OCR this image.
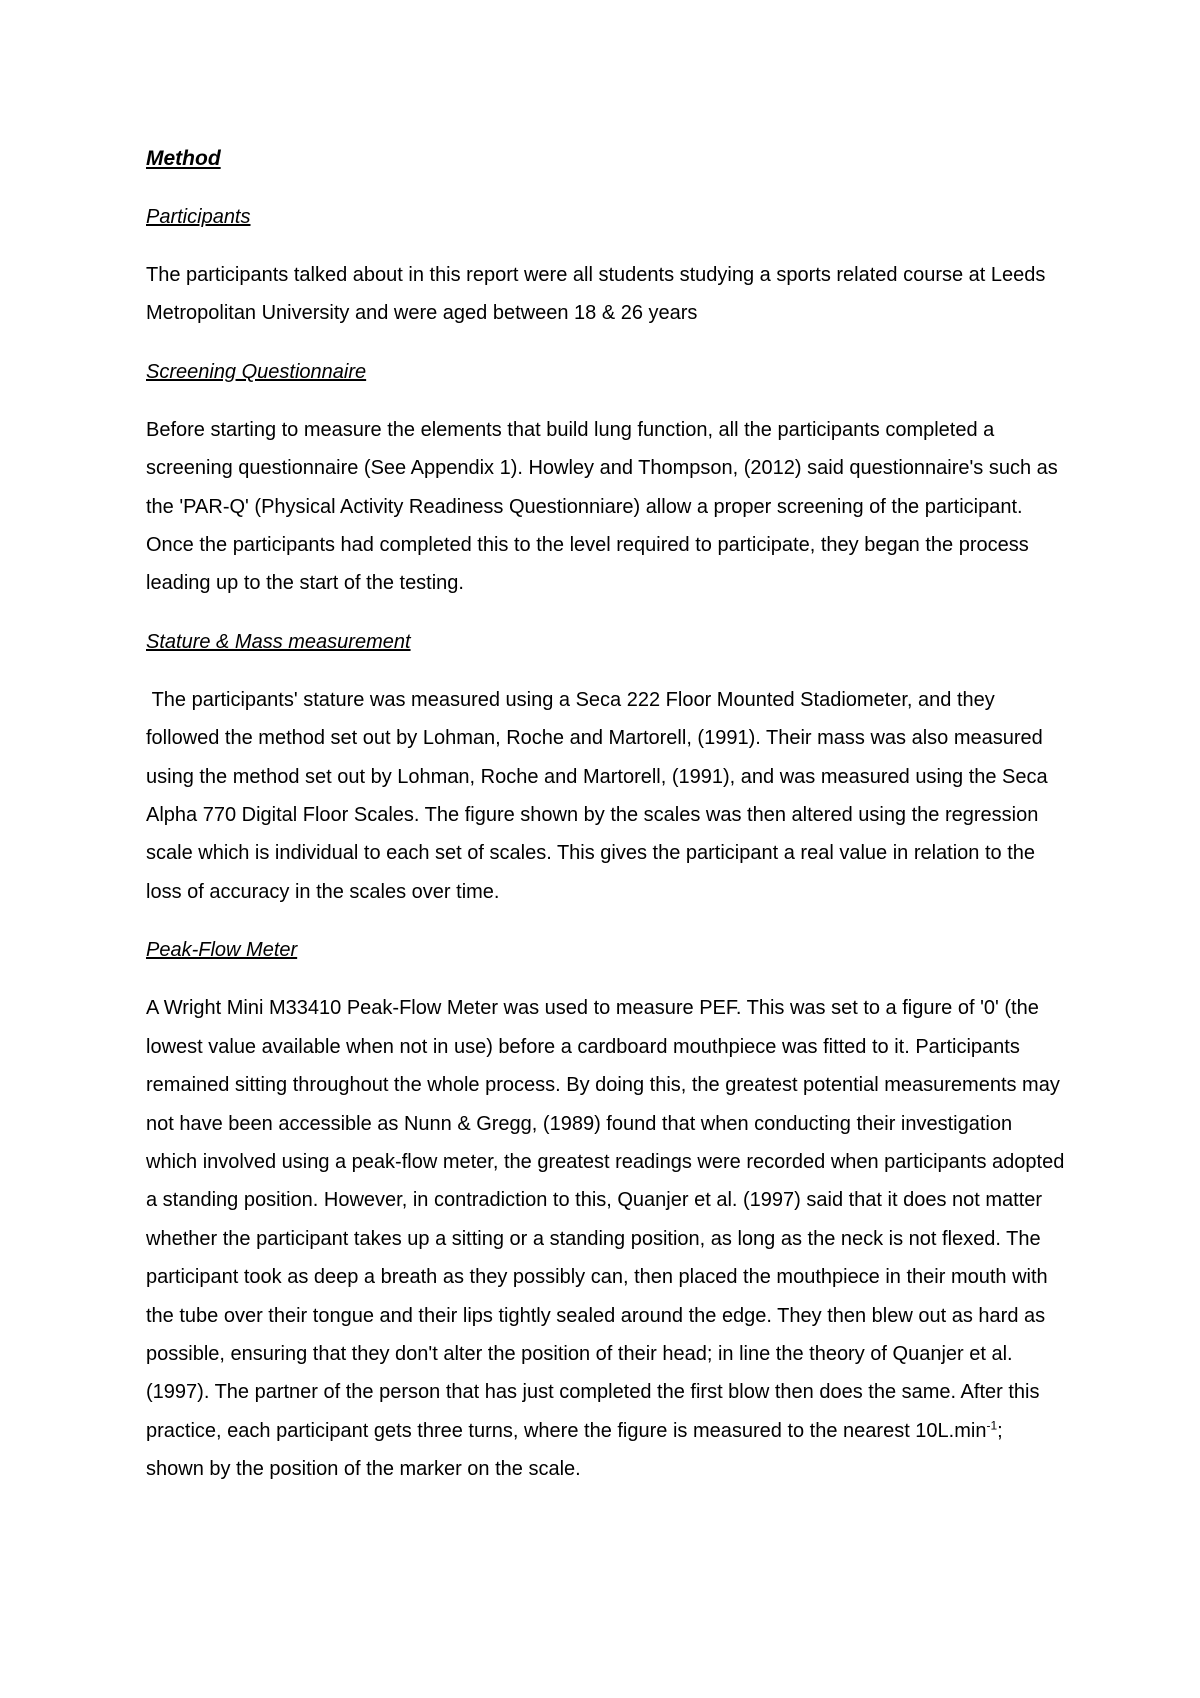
Method
Participants

The participants talked about in this report were all students studying a sports related course at Leeds Metropolitan University and were aged between 18 & 26 years

Screening Questionnaire

Before starting to measure the elements that build lung function, all the participants completed a screening questionnaire (See Appendix 1). Howley and Thompson, (2012) said questionnaire's such as the 'PAR-Q' (Physical Activity Readiness Questionniare) allow a proper screening of the participant. Once the participants had completed this to the level required to participate, they began the process leading up to the start of the testing.

Stature & Mass measurement

The participants' stature was measured using a Seca 222 Floor Mounted Stadiometer, and they followed the method set out by Lohman, Roche and Martorell, (1991). Their mass was also measured using the method set out by Lohman, Roche and Martorell, (1991), and was measured using the Seca Alpha 770 Digital Floor Scales. The figure shown by the scales was then altered using the regression scale which is individual to each set of scales. This gives the participant a real value in relation to the loss of accuracy in the scales over time.

Peak-Flow Meter

A Wright Mini M33410 Peak-Flow Meter was used to measure PEF. This was set to a figure of '0' (the lowest value available when not in use) before a cardboard mouthpiece was fitted to it. Participants remained sitting throughout the whole process. By doing this, the greatest potential measurements may not have been accessible as Nunn & Gregg, (1989) found that when conducting their investigation which involved using a peak-flow meter, the greatest readings were recorded when participants adopted a standing position. However, in contradiction to this, Quanjer et al. (1997) said that it does not matter whether the participant takes up a sitting or a standing position, as long as the neck is not flexed. The participant took as deep a breath as they possibly can, then placed the mouthpiece in their mouth with the tube over their tongue and their lips tightly sealed around the edge. They then blew out as hard as possible, ensuring that they don't alter the position of their head; in line the theory of Quanjer et al. (1997). The partner of the person that has just completed the first blow then does the same. After this practice, each participant gets three turns, where the figure is measured to the nearest $10L.\min^{-1}$; shown by the position of the marker on the scale.
